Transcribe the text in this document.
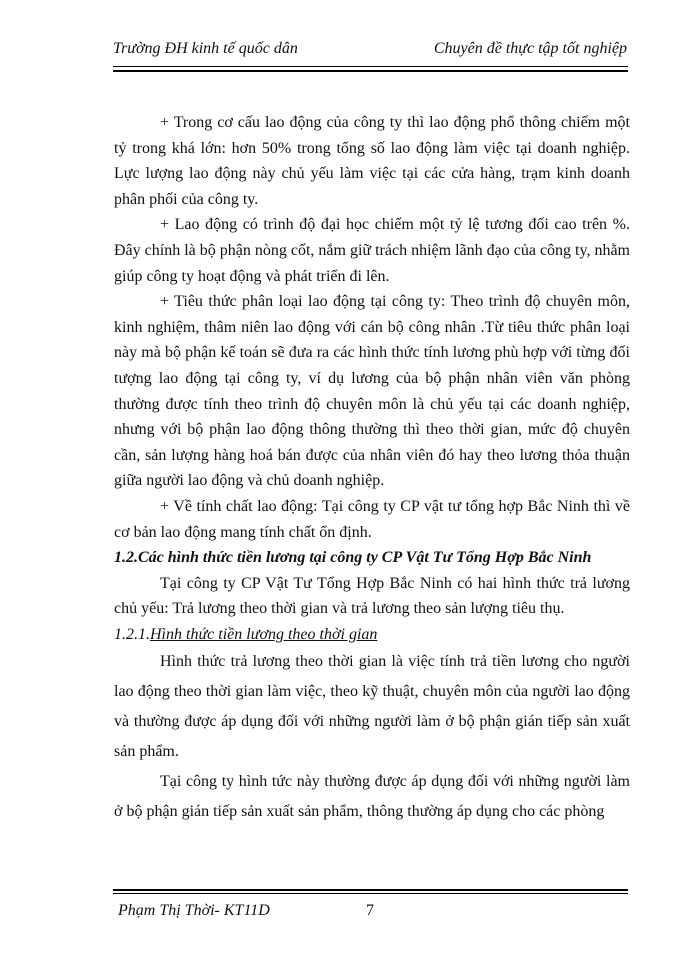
Trường ĐH kinh tế quốc dân	Chuyên đề thực tập tốt nghiệp

+ Trong cơ cấu lao động của công ty thì lao động phổ thông chiếm một tỷ trong khá lớn: hơn 50% trong tổng số lao động làm việc tại doanh nghiệp. Lực lượng lao động này chủ yếu làm việc tại các cửa hàng, trạm kinh doanh phân phối của công ty.

+ Lao động có trình độ đại học chiếm một tỷ lệ tương đối cao trên %. Đây chính là bộ phận nòng cốt, nắm giữ trách nhiệm lãnh đạo của công ty, nhằm giúp công ty hoạt động và phát triển đi lên.

+ Tiêu thức phân loại lao động tại công ty: Theo trình độ chuyên môn, kinh nghiệm, thâm niên lao động với cán bộ công nhân .Từ tiêu thức phân loại này mà bộ phận kế toán sẽ đưa ra các hình thức tính lương phù hợp với từng đối tượng lao động tại công ty, ví dụ lương của bộ phận nhân viên văn phòng thường được tính theo trình độ chuyên môn là chủ yếu tại các doanh nghiệp, nhưng với bộ phận lao động thông thường thì theo thời gian, mức độ chuyên cần, sản lượng hàng hoá bán được của nhân viên đó hay theo lương thỏa thuận giữa người lao động và chủ doanh nghiệp.

+ Về tính chất lao động: Tại công ty CP vật tư tổng hợp Bắc Ninh thì về cơ bản lao động mang tính chất ổn định.

1.2.Các hình thức tiền lương tại công ty CP Vật Tư Tổng Hợp Bắc Ninh

Tại công ty CP Vật Tư Tổng Hợp Bắc Ninh có hai hình thức trả lương chủ yếu: Trả lương theo thời gian và trả lương theo sản lượng tiêu thụ.

1.2.1.Hình thức tiền lương theo thời gian

Hình thức trả lương theo thời gian là việc tính trả tiền lương cho người lao động theo thời gian làm việc, theo kỹ thuật, chuyên môn của người lao động và thường được áp dụng đối với những người làm ở bộ phận gián tiếp sản xuất sản phẩm.

Tại công ty hình tức này thường được áp dụng đối với những người làm ở bộ phận gián tiếp sản xuất sản phẩm, thông thường áp dụng cho các phòng

Phạm Thị Thời- KT11D	7
